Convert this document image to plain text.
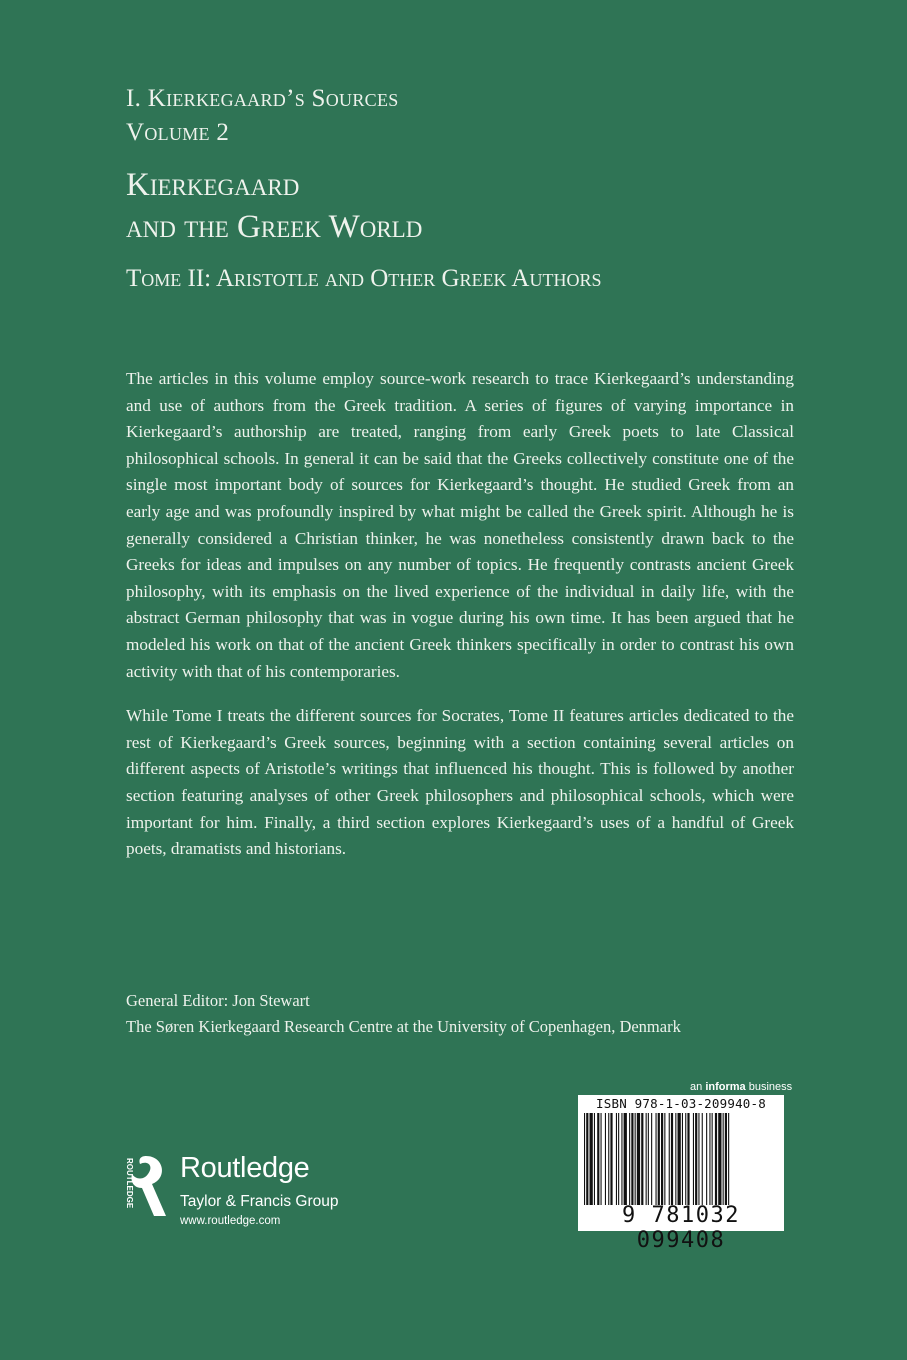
I. Kierkegaard’s Sources
Volume 2
Kierkegaard
and the Greek World
Tome II: Aristotle and Other Greek Authors

The articles in this volume employ source-work research to trace Kierkegaard’s understanding and use of authors from the Greek tradition. A series of figures of varying importance in Kierkegaard’s authorship are treated, ranging from early Greek poets to late Classical philosophical schools. In general it can be said that the Greeks collectively constitute one of the single most important body of sources for Kierkegaard’s thought. He studied Greek from an early age and was profoundly inspired by what might be called the Greek spirit. Although he is generally considered a Christian thinker, he was nonetheless consistently drawn back to the Greeks for ideas and impulses on any number of topics. He frequently contrasts ancient Greek philosophy, with its emphasis on the lived experience of the individual in daily life, with the abstract German philosophy that was in vogue during his own time. It has been argued that he modeled his work on that of the ancient Greek thinkers specifically in order to contrast his own activity with that of his contemporaries.

While Tome I treats the different sources for Socrates, Tome II features articles dedicated to the rest of Kierkegaard’s Greek sources, beginning with a section containing several articles on different aspects of Aristotle’s writings that influenced his thought. This is followed by another section featuring analyses of other Greek philosophers and philosophical schools, which were important for him. Finally, a third section explores Kierkegaard’s uses of a handful of Greek poets, dramatists and historians.

General Editor: Jon Stewart
The Søren Kierkegaard Research Centre at the University of Copenhagen, Denmark
an informa business
ISBN 978-1-03-209940-8
9 781032 099408
ROUTLEDGE Routledge
Taylor & Francis Group
www.routledge.com
